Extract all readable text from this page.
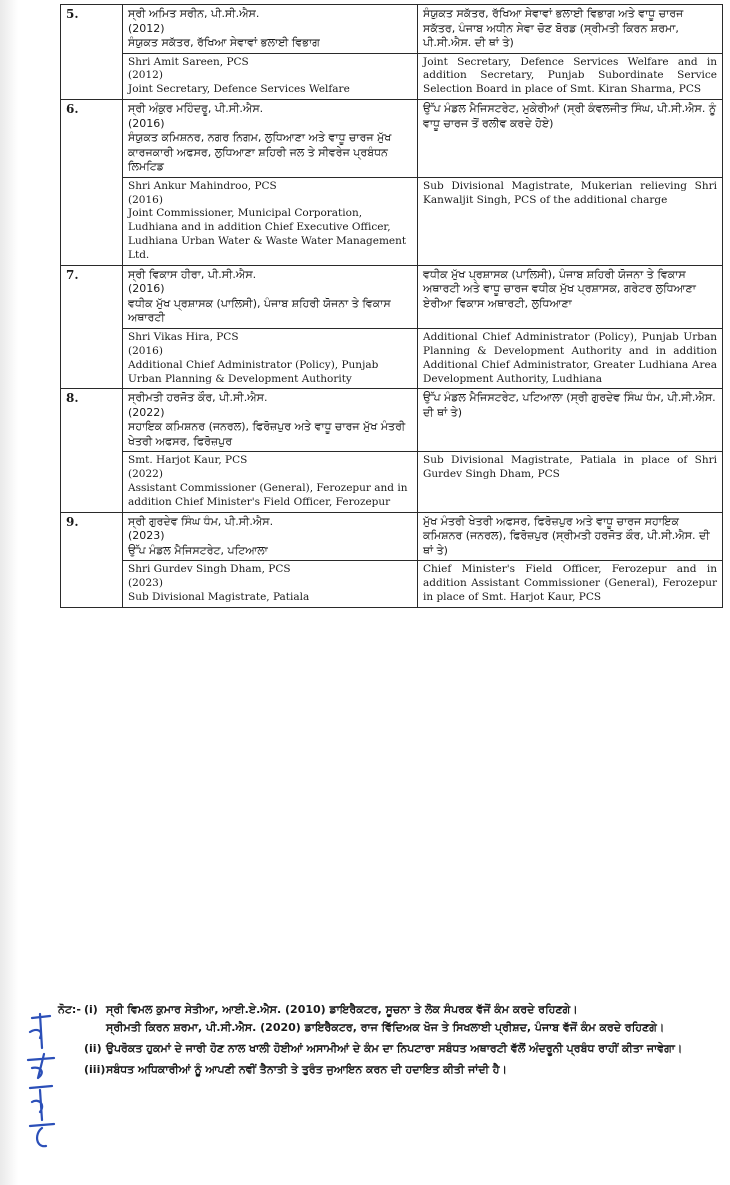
5.	ਸ੍ਰੀ ਅਮਿਤ ਸਰੀਨ, ਪੀ.ਸੀ.ਐਸ.
(2012)
ਸੰਯੁਕਤ ਸਕੱਤਰ, ਰੱਖਿਆ ਸੇਵਾਵਾਂ ਭਲਾਈ ਵਿਭਾਗ	ਸੰਯੁਕਤ ਸਕੱਤਰ, ਰੱਖਿਆ ਸੇਵਾਵਾਂ ਭਲਾਈ ਵਿਭਾਗ ਅਤੇ ਵਾਧੂ ਚਾਰਜ ਸਕੱਤਰ, ਪੰਜਾਬ ਅਧੀਨ ਸੇਵਾ ਚੋਣ ਬੋਰਡ (ਸ੍ਰੀਮਤੀ ਕਿਰਨ ਸ਼ਰਮਾ, ਪੀ.ਸੀ.ਐਸ. ਦੀ ਥਾਂ ਤੇ)

	Shri Amit Sareen, PCS
(2012)
Joint Secretary, Defence Services Welfare	Joint Secretary, Defence Services Welfare and in addition Secretary, Punjab Subordinate Service Selection Board in place of Smt. Kiran Sharma, PCS
6.	ਸ੍ਰੀ ਅੰਕੁਰ ਮਹਿੰਦਰੂ, ਪੀ.ਸੀ.ਐਸ.
(2016)
ਸੰਯੁਕਤ ਕਮਿਸ਼ਨਰ, ਨਗਰ ਨਿਗਮ, ਲੁਧਿਆਣਾ ਅਤੇ ਵਾਧੂ ਚਾਰਜ ਮੁੱਖ ਕਾਰਜਕਾਰੀ ਅਫਸਰ, ਲੁਧਿਆਣਾ ਸ਼ਹਿਰੀ ਜਲ ਤੇ ਸੀਵਰੇਜ ਪ੍ਰਬੰਧਨ ਲਿਮਟਿਡ	ਉੱਪ ਮੰਡਲ ਮੈਜਿਸਟਰੇਟ, ਮੁਕੇਰੀਆਂ (ਸ੍ਰੀ ਕੰਵਲਜੀਤ ਸਿੰਘ, ਪੀ.ਸੀ.ਐਸ. ਨੂੰ ਵਾਧੂ ਚਾਰਜ ਤੋਂ ਰਲੀਵ ਕਰਦੇ ਹੋਏ)

	Shri Ankur Mahindroo, PCS
(2016)
Joint Commissioner, Municipal Corporation, Ludhiana and in addition Chief Executive Officer, Ludhiana Urban Water & Waste Water Management Ltd.	Sub Divisional Magistrate, Mukerian relieving Shri Kanwaljit Singh, PCS of the additional charge
7.	ਸ੍ਰੀ ਵਿਕਾਸ ਹੀਰਾ, ਪੀ.ਸੀ.ਐਸ.
(2016)
ਵਧੀਕ ਮੁੱਖ ਪ੍ਰਸ਼ਾਸਕ (ਪਾਲਿਸੀ), ਪੰਜਾਬ ਸ਼ਹਿਰੀ ਯੋਜਨਾ ਤੇ ਵਿਕਾਸ ਅਥਾਰਟੀ	ਵਧੀਕ ਮੁੱਖ ਪ੍ਰਸ਼ਾਸਕ (ਪਾਲਿਸੀ), ਪੰਜਾਬ ਸ਼ਹਿਰੀ ਯੋਜਨਾ ਤੇ ਵਿਕਾਸ ਅਥਾਰਟੀ ਅਤੇ ਵਾਧੂ ਚਾਰਜ ਵਧੀਕ ਮੁੱਖ ਪ੍ਰਸ਼ਾਸਕ, ਗਰੇਟਰ ਲੁਧਿਆਣਾ ਏਰੀਆ ਵਿਕਾਸ ਅਥਾਰਟੀ, ਲੁਧਿਆਣਾ

	Shri Vikas Hira, PCS
(2016)
Additional Chief Administrator (Policy), Punjab Urban Planning & Development Authority	Additional Chief Administrator (Policy), Punjab Urban Planning & Development Authority and in addition Additional Chief Administrator, Greater Ludhiana Area Development Authority, Ludhiana
8.	ਸ੍ਰੀਮਤੀ ਹਰਜੋਤ ਕੌਰ, ਪੀ.ਸੀ.ਐਸ.
(2022)
ਸਹਾਇਕ ਕਮਿਸ਼ਨਰ (ਜਨਰਲ), ਫਿਰੋਜ਼ਪੁਰ ਅਤੇ ਵਾਧੂ ਚਾਰਜ ਮੁੱਖ ਮੰਤਰੀ ਖੇਤਰੀ ਅਫਸਰ, ਫਿਰੋਜ਼ਪੁਰ	ਉੱਪ ਮੰਡਲ ਮੈਜਿਸਟਰੇਟ, ਪਟਿਆਲਾ (ਸ੍ਰੀ ਗੁਰਦੇਵ ਸਿੰਘ ਧੰਮ, ਪੀ.ਸੀ.ਐਸ. ਦੀ ਥਾਂ ਤੇ)

	Smt. Harjot Kaur, PCS
(2022)
Assistant Commissioner (General), Ferozepur and in addition Chief Minister's Field Officer, Ferozepur	Sub Divisional Magistrate, Patiala in place of Shri Gurdev Singh Dham, PCS
9.	ਸ੍ਰੀ ਗੁਰਦੇਵ ਸਿੰਘ ਧੰਮ, ਪੀ.ਸੀ.ਐਸ.
(2023)
ਉੱਪ ਮੰਡਲ ਮੈਜਿਸਟਰੇਟ, ਪਟਿਆਲਾ	ਮੁੱਖ ਮੰਤਰੀ ਖੇਤਰੀ ਅਫਸਰ, ਫਿਰੋਜ਼ਪੁਰ ਅਤੇ ਵਾਧੂ ਚਾਰਜ ਸਹਾਇਕ ਕਮਿਸ਼ਨਰ (ਜਨਰਲ), ਫਿਰੋਜ਼ਪੁਰ (ਸ੍ਰੀਮਤੀ ਹਰਜੋਤ ਕੌਰ, ਪੀ.ਸੀ.ਐਸ. ਦੀ ਥਾਂ ਤੇ)

	Shri Gurdev Singh Dham, PCS
(2023)
Sub Divisional Magistrate, Patiala	Chief Minister's Field Officer, Ferozepur and in addition Assistant Commissioner (General), Ferozepur in place of Smt. Harjot Kaur, PCS
ਨੋਟ:- (i) ਸ੍ਰੀ ਵਿਮਲ ਕੁਮਾਰ ਸੇਤੀਆ, ਆਈ.ਏ.ਐਸ. (2010) ਡਾਇਰੈਕਟਰ, ਸੂਚਨਾ ਤੇ ਲੋਕ ਸੰਪਰਕ ਵੱਜੋਂ ਕੰਮ ਕਰਦੇ ਰਹਿਣਗੇ।
ਸ੍ਰੀਮਤੀ ਕਿਰਨ ਸ਼ਰਮਾ, ਪੀ.ਸੀ.ਐਸ. (2020) ਡਾਇਰੈਕਟਰ, ਰਾਜ ਵਿੱਦਿਅਕ ਖੋਜ ਤੇ ਸਿਖਲਾਈ ਪ੍ਰੀਸ਼ਦ, ਪੰਜਾਬ ਵੱਜੋਂ ਕੰਮ ਕਰਦੇ ਰਹਿਣਗੇ।
(ii) ਉਪਰੋਕਤ ਹੁਕਮਾਂ ਦੇ ਜਾਰੀ ਹੋਣ ਨਾਲ ਖਾਲੀ ਹੋਈਆਂ ਅਸਾਮੀਆਂ ਦੇ ਕੰਮ ਦਾ ਨਿਪਟਾਰਾ ਸਬੰਧਤ ਅਥਾਰਟੀ ਵੱਲੋਂ ਅੰਦਰੂਨੀ ਪ੍ਰਬੰਧ ਰਾਹੀਂ ਕੀਤਾ ਜਾਵੇਗਾ।
(iii) ਸਬੰਧਤ ਅਧਿਕਾਰੀਆਂ ਨੂੰ ਆਪਣੀ ਨਵੀਂ ਤੈਨਾਤੀ ਤੇ ਤੁਰੰਤ ਜੁਆਇਨ ਕਰਨ ਦੀ ਹਦਾਇਤ ਕੀਤੀ ਜਾਂਦੀ ਹੈ।
